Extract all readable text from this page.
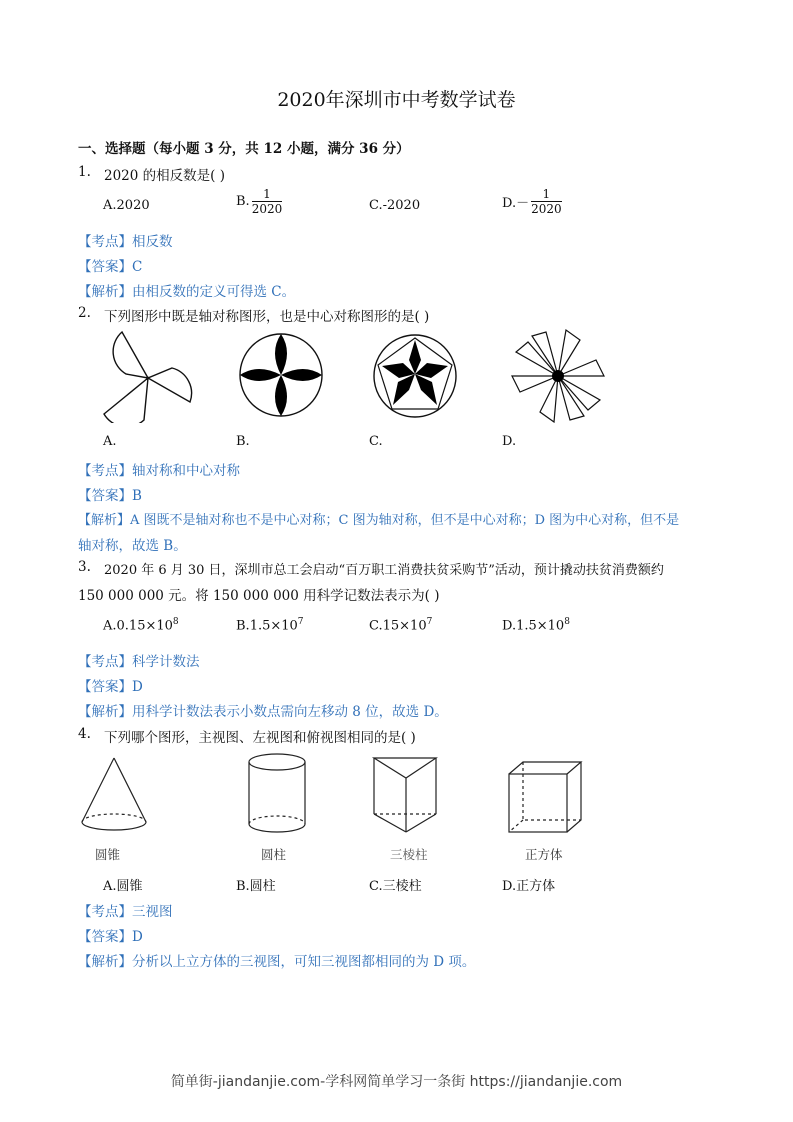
2020年深圳市中考数学试卷
一、选择题（每小题 3 分，共 12 小题，满分 36 分）
1. 2020 的相反数是( )
A.2020	B. $\frac{1}{2020}$	C.-2020	$D.- \frac{1}{2020}$
【考点】相反数
【答案】C
【解析】由相反数的定义可得选 C。
2. 下列图形中既是轴对称图形，也是中心对称图形的是( )
A.	B.	C.	D.
【考点】轴对称和中心对称
【答案】B
【解析】A 图既不是轴对称也不是中心对称；C 图为轴对称，但不是中心对称；D 图为中心对称，但不是
轴对称，故选 B。
3. 2020 年 6 月 30 日，深圳市总工会启动“百万职工消费扶贫采购节”活动，预计撬动扶贫消费额约
150 000 000 元。将 150 000 000 用科学记数法表示为( )
$A.0.15\times 10^8$	$B.1.5\times 10^7$	$C.15\times 10^7$	$D.1.5\times 10^8$
【考点】科学计数法
【答案】D
【解析】用科学计数法表示小数点需向左移动 8 位，故选 D。
4. 下列哪个图形，主视图、左视图和俯视图相同的是( )
圆锥	圆柱	三棱柱	正方体
A.圆锥	B.圆柱	C.三棱柱	D.正方体
【考点】三视图
【答案】D
【解析】分析以上立方体的三视图，可知三视图都相同的为 D 项。
简单街-jiandanjie.com-学科网简单学习一条街 https://jiandanjie.com
